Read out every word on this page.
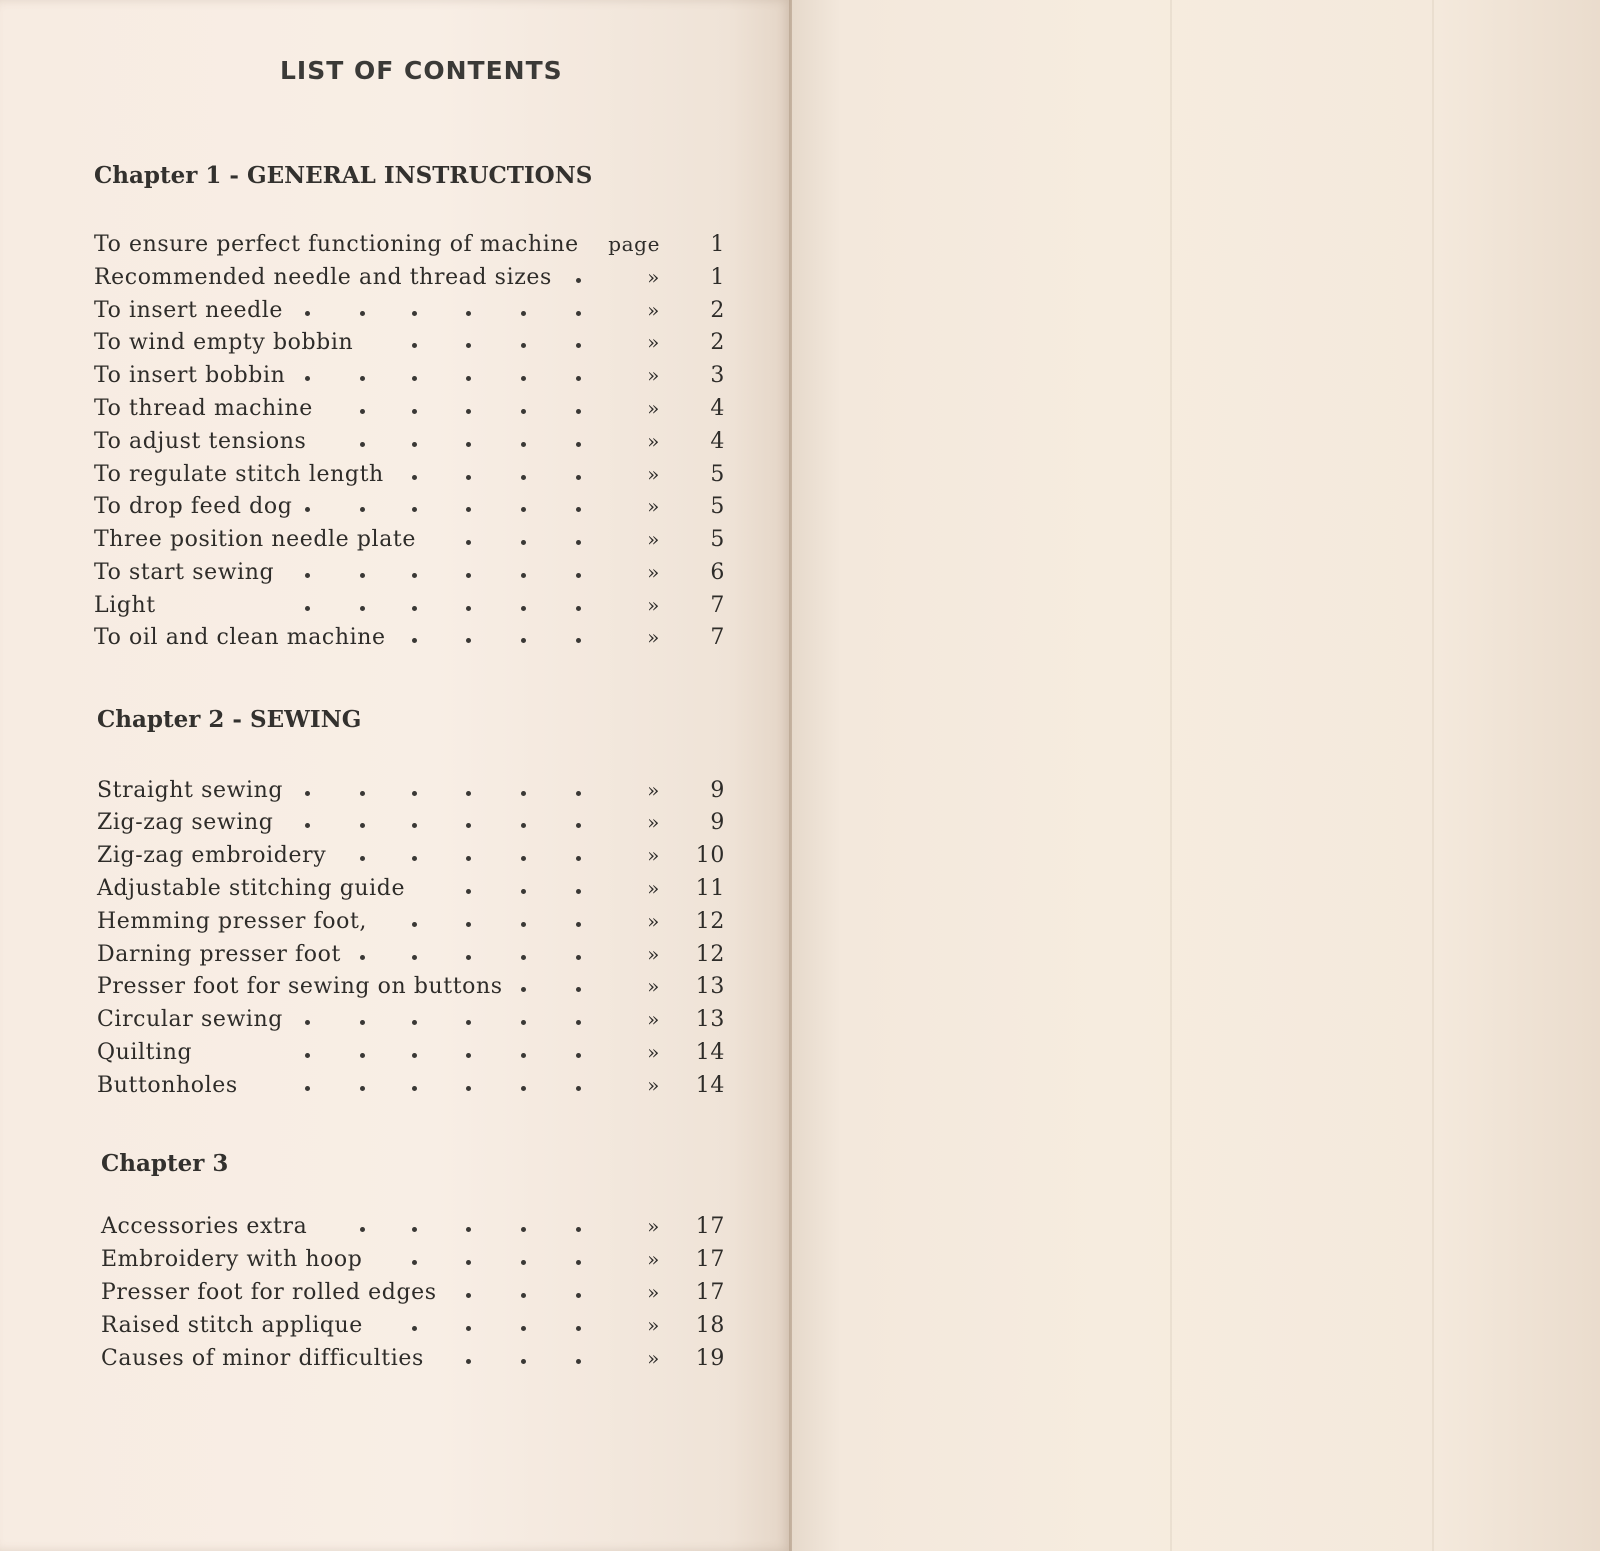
LIST OF CONTENTS
Chapter 1 - GENERAL INSTRUCTIONS
To ensure perfect functioning of machine page	1
Recommended needle and thread sizes	»	1
To insert needle	»	2
To wind empty bobbin	»	2
To insert bobbin	»	3
To thread machine	»	4
To adjust tensions	»	4
To regulate stitch length	»	5
To drop feed dog	»	5
Three position needle plate	»	5
To start sewing	»	6
Light	»	7
To oil and clean machine	»	7
Chapter 2 - SEWING
Straight sewing	»	9
Zig-zag sewing	»	9
Zig-zag embroidery	» 10
Adjustable stitching guide	» 11
Hemming presser foot,	» 12
Darning presser foot	» 12
Presser foot for sewing on buttons	» 13
Circular sewing	» 13
Quilting	» 14
Buttonholes	» 14
Chapter 3
Accessories extra	» 17
Embroidery with hoop	» 17
Presser foot for rolled edges	» 17
Raised stitch applique	» 18
Causes of minor difficulties	» 19
